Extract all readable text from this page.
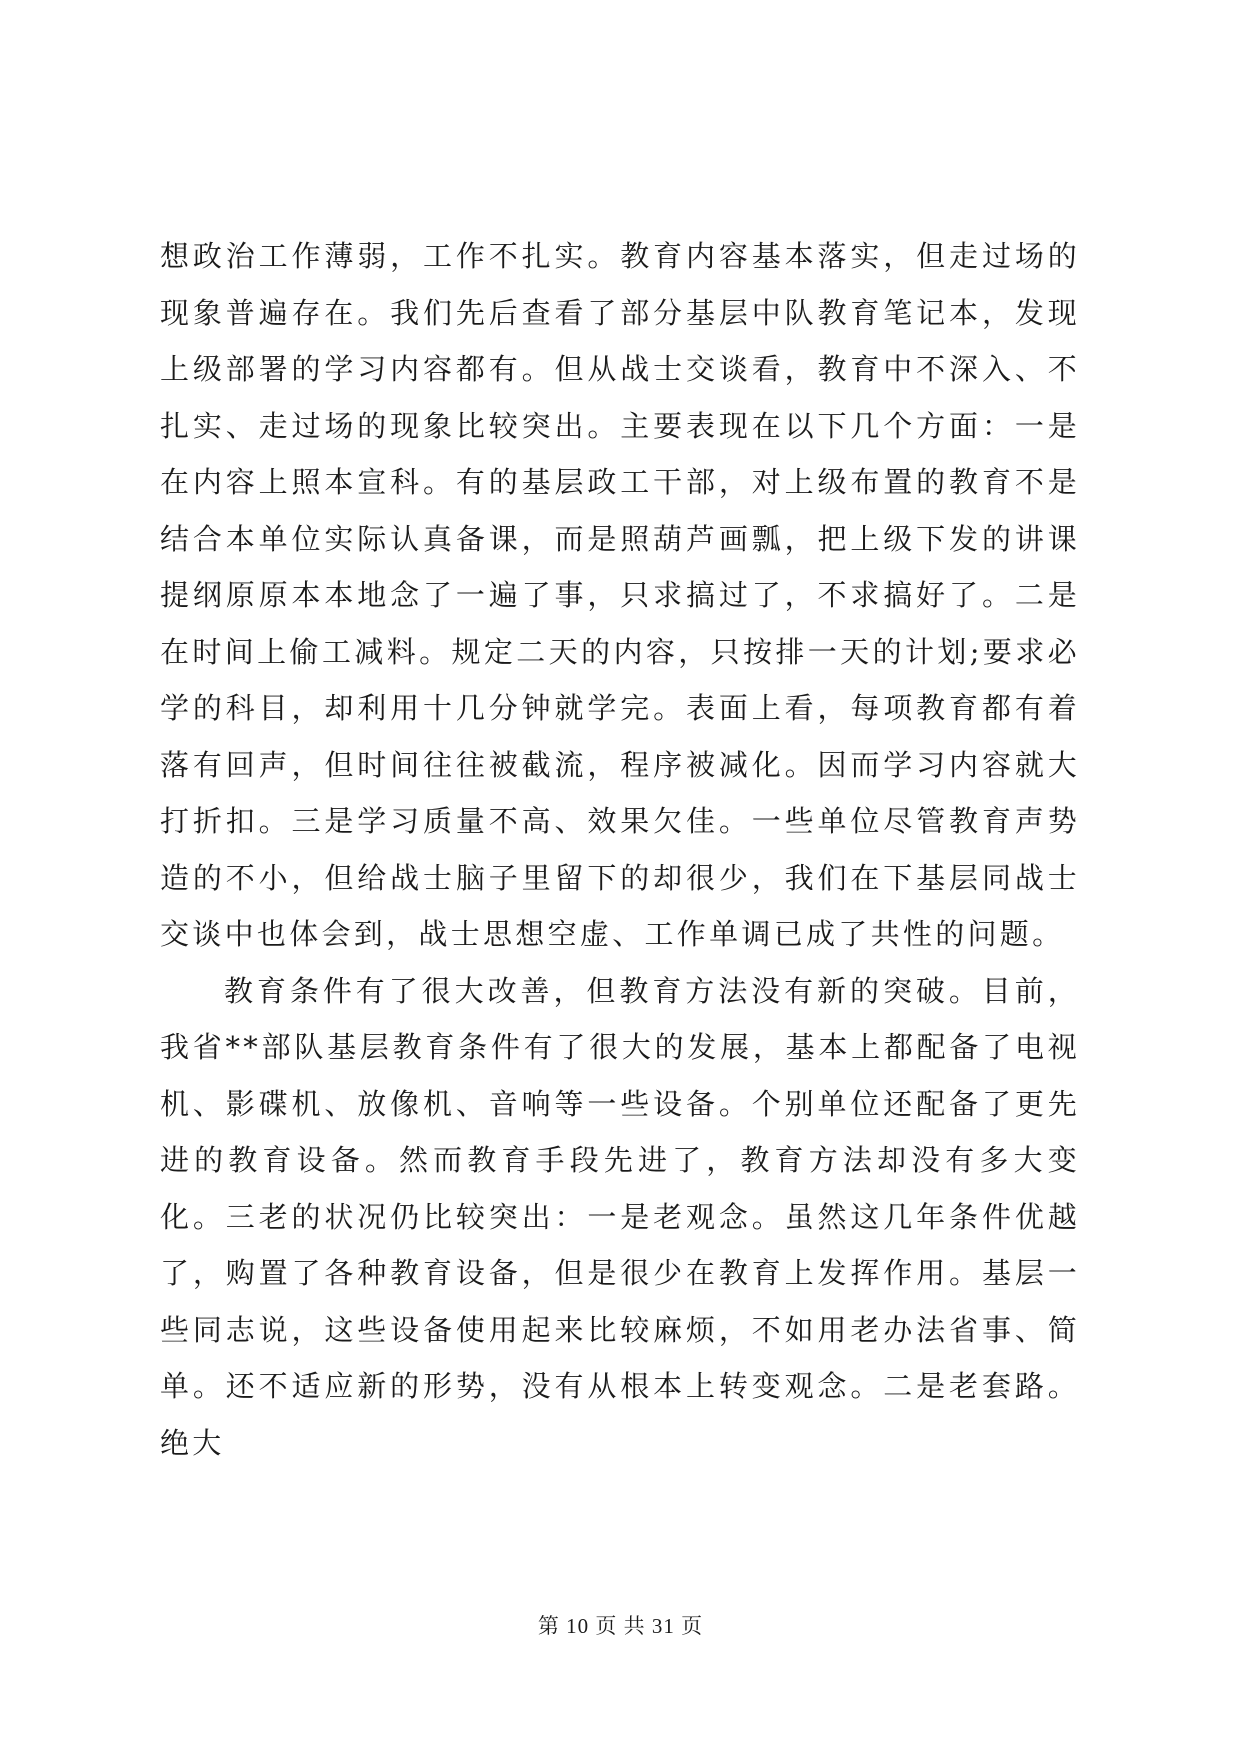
想政治工作薄弱，工作不扎实。教育内容基本落实，但走过场的现象普遍存在。我们先后查看了部分基层中队教育笔记本，发现上级部署的学习内容都有。但从战士交谈看，教育中不深入、不扎实、走过场的现象比较突出。主要表现在以下几个方面：一是在内容上照本宣科。有的基层政工干部，对上级布置的教育不是结合本单位实际认真备课，而是照葫芦画瓢，把上级下发的讲课提纲原原本本地念了一遍了事，只求搞过了，不求搞好了。二是在时间上偷工减料。规定二天的内容，只按排一天的计划;要求必学的科目，却利用十几分钟就学完。表面上看，每项教育都有着落有回声，但时间往往被截流，程序被减化。因而学习内容就大打折扣。三是学习质量不高、效果欠佳。一些单位尽管教育声势造的不小，但给战士脑子里留下的却很少，我们在下基层同战士交谈中也体会到，战士思想空虚、工作单调已成了共性的问题。

教育条件有了很大改善，但教育方法没有新的突破。目前，我省**部队基层教育条件有了很大的发展，基本上都配备了电视机、影碟机、放像机、音响等一些设备。个别单位还配备了更先进的教育设备。然而教育手段先进了，教育方法却没有多大变化。三老的状况仍比较突出：一是老观念。虽然这几年条件优越了，购置了各种教育设备，但是很少在教育上发挥作用。基层一些同志说，这些设备使用起来比较麻烦，不如用老办法省事、简单。还不适应新的形势，没有从根本上转变观念。二是老套路。绝大

第 10 页 共 31 页
